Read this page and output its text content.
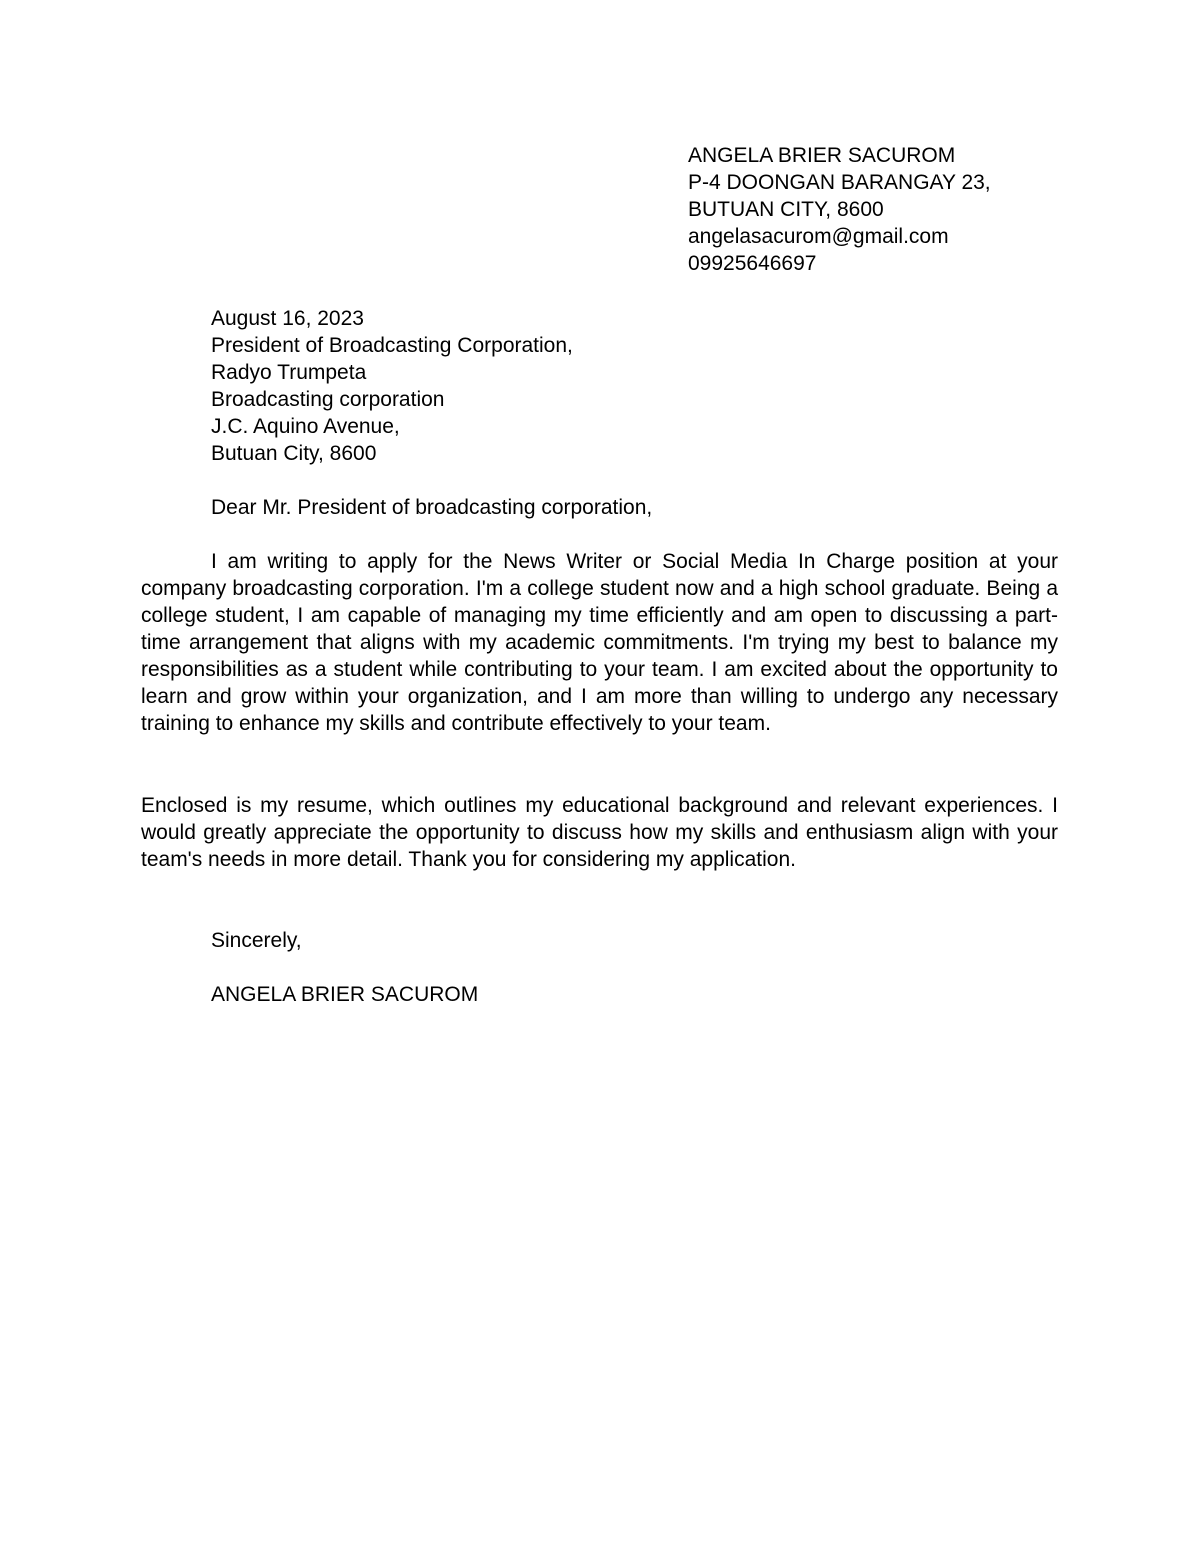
ANGELA BRIER SACUROM
P-4 DOONGAN BARANGAY 23,
BUTUAN CITY, 8600
angelasacurom@gmail.com
09925646697
August 16, 2023
President of Broadcasting Corporation,
Radyo Trumpeta
Broadcasting corporation
J.C. Aquino Avenue,
Butuan City, 8600
Dear Mr. President of broadcasting corporation,

I am writing to apply for the News Writer or Social Media In Charge position at your company broadcasting corporation. I'm a college student now and a high school graduate. Being a college student, I am capable of managing my time efficiently and am open to discussing a part-time arrangement that aligns with my academic commitments. I'm trying my best to balance my responsibilities as a student while contributing to your team. I am excited about the opportunity to learn and grow within your organization, and I am more than willing to undergo any necessary training to enhance my skills and contribute effectively to your team.

Enclosed is my resume, which outlines my educational background and relevant experiences. I would greatly appreciate the opportunity to discuss how my skills and enthusiasm align with your team's needs in more detail. Thank you for considering my application.

Sincerely,
ANGELA BRIER SACUROM
